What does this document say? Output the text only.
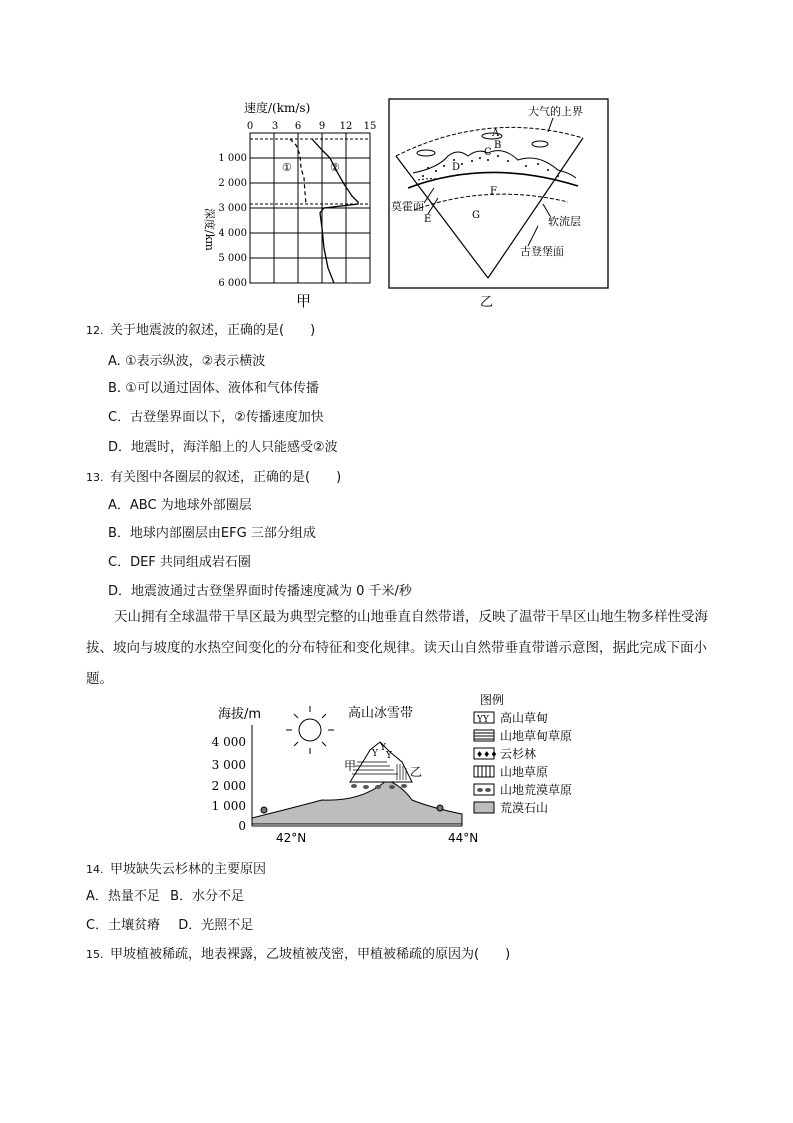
速度/(km/s)
0 3 6 9 12 15
1 000
2 000
3 000
4 000
5 000
6 000
深度/km
①	②
甲
大气的上界
A
B
C
D
F
G
莫霍面
E	软流层
古登堡面
乙
12. 关于地震波的叙述，正确的是(　　)
A. ①表示纵波，②表示横波
B. ①可以通过固体、液体和气体传播
C．古登堡界面以下，②传播速度加快
D．地震时，海洋船上的人只能感受②波
13. 有关图中各圈层的叙述，正确的是(　　)
A．ABC 为地球外部圈层
B．地球内部圈层由EFG 三部分组成
C．DEF 共同组成岩石圈
D．地震波通过古登堡界面时传播速度减为 0 千米/秒
天山拥有全球温带干旱区最为典型完整的山地垂直自然带谱，反映了温带干旱区山地生物多样性受海拔、坡向与坡度的水热空间变化的分布特征和变化规律。读天山自然带垂直带谱示意图，据此完成下面小题。
海拔/m
4 000
3 000
2 000
1 000
0
高山冰雪带
Y
Y
Y
甲	乙
42°N	44°N
图例
YY 高山草甸
山地草甸草原
♦♦♦ 云杉林
山地草原
山地荒漠草原
荒漠石山
14. 甲坡缺失云杉林的主要原因
A．热量不足 B．水分不足
C．土壤贫瘠 D．光照不足
15. 甲坡植被稀疏，地表裸露，乙坡植被茂密，甲植被稀疏的原因为(　　)
